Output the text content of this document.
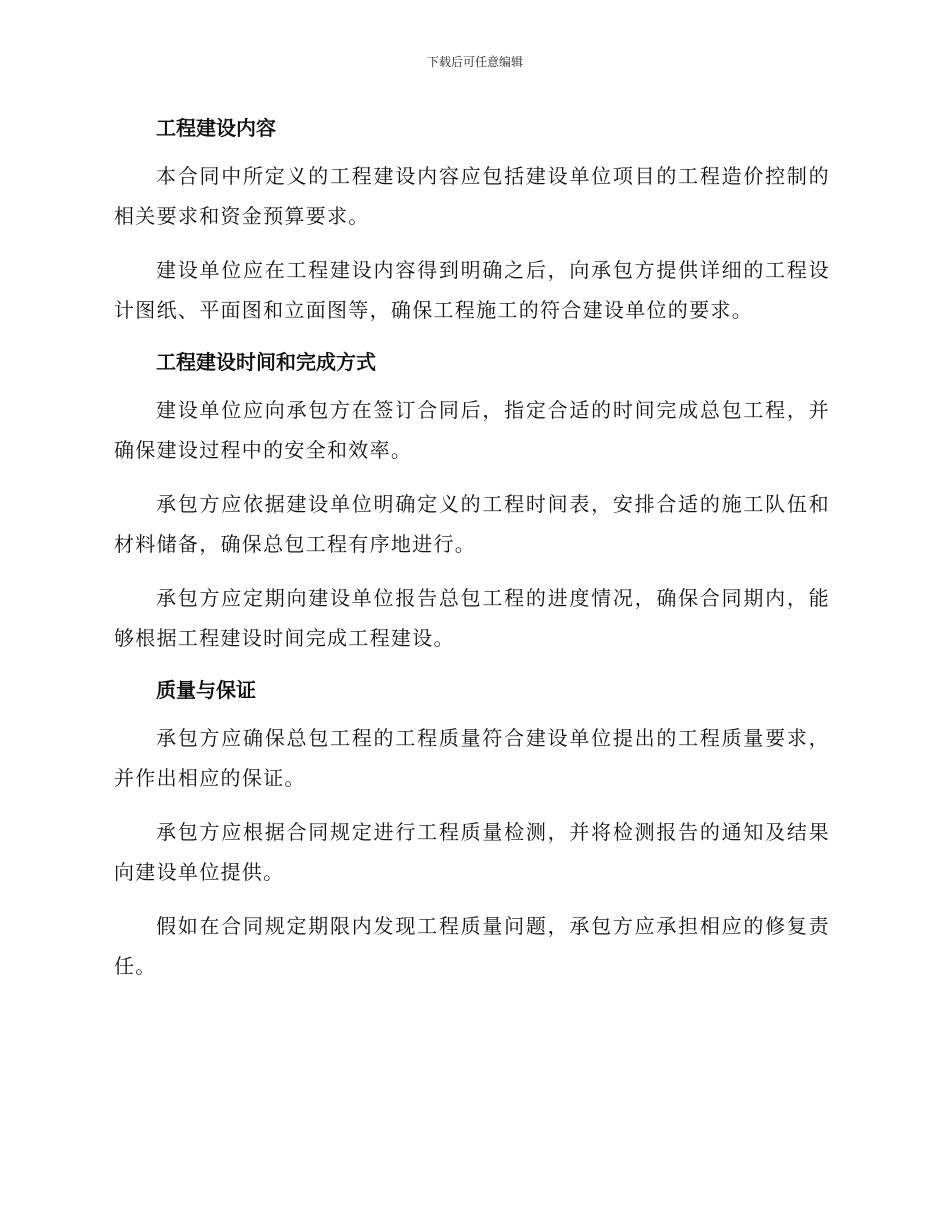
下载后可任意编辑
工程建设内容

本合同中所定义的工程建设内容应包括建设单位项目的工程造价控制的相关要求和资金预算要求。

建设单位应在工程建设内容得到明确之后，向承包方提供详细的工程设计图纸、平面图和立面图等，确保工程施工的符合建设单位的要求。

工程建设时间和完成方式

建设单位应向承包方在签订合同后，指定合适的时间完成总包工程，并确保建设过程中的安全和效率。

承包方应依据建设单位明确定义的工程时间表，安排合适的施工队伍和材料储备，确保总包工程有序地进行。

承包方应定期向建设单位报告总包工程的进度情况，确保合同期内，能够根据工程建设时间完成工程建设。

质量与保证

承包方应确保总包工程的工程质量符合建设单位提出的工程质量要求，并作出相应的保证。

承包方应根据合同规定进行工程质量检测，并将检测报告的通知及结果向建设单位提供。

假如在合同规定期限内发现工程质量问题，承包方应承担相应的修复责任。
